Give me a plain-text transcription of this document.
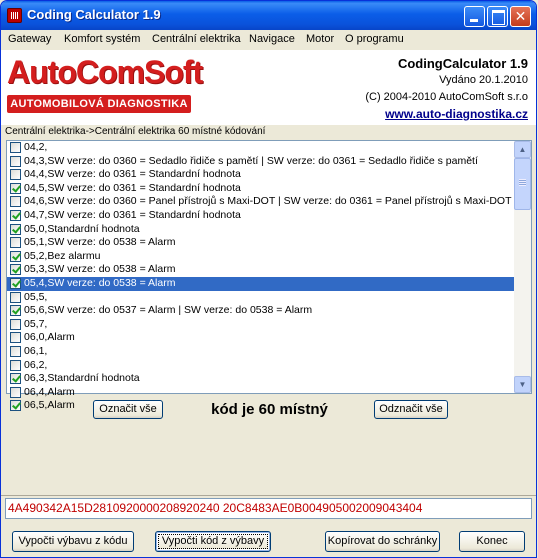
Coding Calculator 1.9
✕
Gateway Komfort systém Centrální elektrika Navigace Motor O programu
AutoComSoft
AUTOMOBILOVÁ DIAGNOSTIKA
CodingCalculator 1.9
Vydáno 20.1.2010
(C) 2004-2010 AutoComSoft s.r.o
www.auto-diagnostika.cz
Centrální elektrika->Centrální elektrika 60 místné kódování
04,2,
04,3,SW verze: do 0360 = Sedadlo řidiče s pamětí | SW verze: do 0361 = Sedadlo řidiče s pamětí
04,4,SW verze: do 0361 = Standardní hodnota
04,5,SW verze: do 0361 = Standardní hodnota
04,6,SW verze: do 0360 = Panel přístrojů s Maxi-DOT | SW verze: do 0361 = Panel přístrojů s Maxi-DOT
04,7,SW verze: do 0361 = Standardní hodnota
05,0,Standardní hodnota
05,1,SW verze: do 0538 = Alarm
05,2,Bez alarmu
05,3,SW verze: do 0538 = Alarm
05,4,SW verze: do 0538 = Alarm
05,5,
05,6,SW verze: do 0537 = Alarm | SW verze: do 0538 = Alarm
05,7,
06,0,Alarm
06,1,
06,2,
06,3,Standardní hodnota
06,4,Alarm
06,5,Alarm
▲
▼
Označit vše	kód je 60 místný	Odznačit vše
4A490342A15D2810920000208920240 20C8483AE0B004905002009043404
Vypočti výbavu z kódu	Vypočti kód z výbavy	Kopírovat do schránky	Konec
